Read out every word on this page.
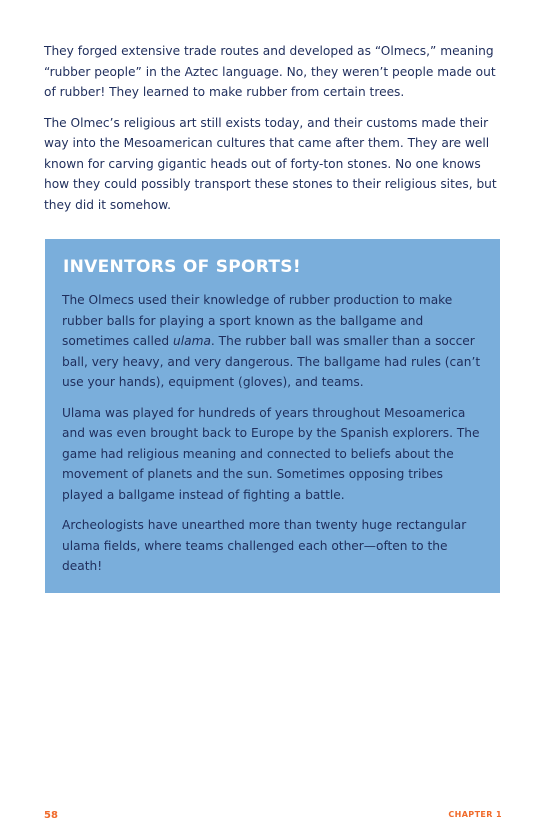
They forged extensive trade routes and developed as “Olmecs,” meaning “rubber people” in the Aztec language. No, they weren’t people made out of rubber! They learned to make rubber from certain trees.

The Olmec’s religious art still exists today, and their customs made their way into the Mesoamerican cultures that came after them. They are well known for carving gigantic heads out of forty-ton stones. No one knows how they could possibly transport these stones to their religious sites, but they did it somehow.

INVENTORS OF SPORTS!

The Olmecs used their knowledge of rubber production to make rubber balls for playing a sport known as the ballgame and sometimes called ulama. The rubber ball was smaller than a soccer ball, very heavy, and very dangerous. The ballgame had rules (can’t use your hands), equipment (gloves), and teams.

Ulama was played for hundreds of years throughout Mesoamerica and was even brought back to Europe by the Spanish explorers. The game had religious meaning and connected to beliefs about the movement of planets and the sun. Sometimes opposing tribes played a ballgame instead of fighting a battle.

Archeologists have unearthed more than twenty huge rectangular ulama fields, where teams challenged each other—often to the death!

58	CHAPTER 1
